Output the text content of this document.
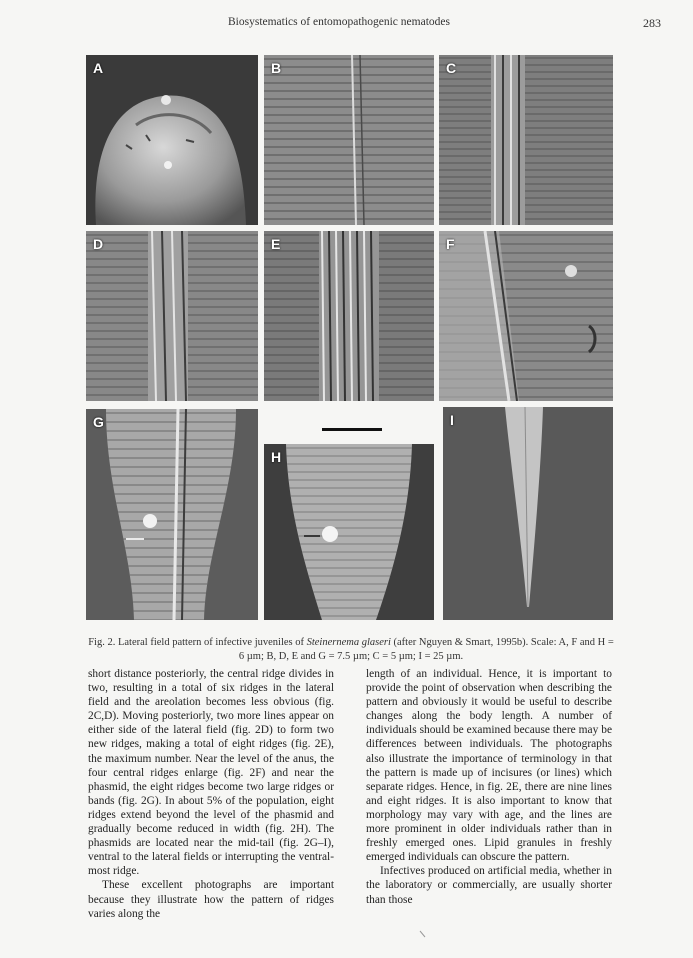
Biosystematics of entomopathogenic nematodes	283
A	B	C
D	E	F
G
H
I
Fig. 2. Lateral field pattern of infective juveniles of Steinernema glaseri (after Nguyen & Smart, 1995b). Scale: A, F and H = 6 µm; B, D, E and G = 7.5 µm; C = 5 µm; I = 25 µm.

short distance posteriorly, the central ridge divides in two, resulting in a total of six ridges in the lateral field and the areolation becomes less obvious (fig. 2C,D). Moving posteriorly, two more lines appear on either side of the lateral field (fig. 2D) to form two new ridges, making a total of eight ridges (fig. 2E), the maximum number. Near the level of the anus, the four central ridges enlarge (fig. 2F) and near the phasmid, the eight ridges become two large ridges or bands (fig. 2G). In about 5% of the population, eight ridges extend beyond the level of the phasmid and gradually become reduced in width (fig. 2H). The phasmids are located near the mid-tail (fig. 2G–I), ventral to the lateral fields or interrupting the ventral-most ridge.

These excellent photographs are important because they illustrate how the pattern of ridges varies along the

length of an individual. Hence, it is important to provide the point of observation when describing the pattern and obviously it would be useful to describe changes along the body length. A number of individuals should be examined because there may be differences between individuals. The photographs also illustrate the importance of terminology in that the pattern is made up of incisures (or lines) which separate ridges. Hence, in fig. 2E, there are nine lines and eight ridges. It is also important to know that morphology may vary with age, and the lines are more prominent in older individuals rather than in freshly emerged ones. Lipid granules in freshly emerged individuals can obscure the pattern.

Infectives produced on artificial media, whether in the laboratory or commercially, are usually shorter than those
